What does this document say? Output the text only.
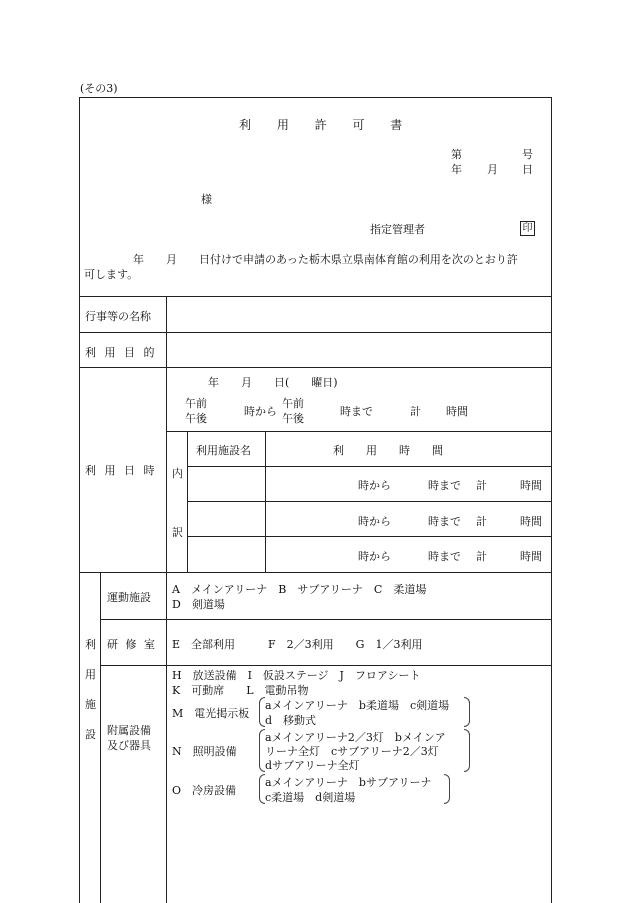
(その3)
利 用 許 可 書
第	号
年 月 日
様
指定管理者	印
年　　月　　日付けで申請のあった栃木県立県南体育館の利用を次のとおり許
可します。
行事等の名称
利 用 目 的
利 用 日 時
年　　月　　日(　　曜日)
午前
午後
時から
午前
午後
時まで	計 時間
内
訳
利用施設名	利　　用　　時　　間
時から	時まで 計	時間
時から	時まで 計	時間
時から	時まで 計	時間
利
用
施
設
運動施設
A　メインアリーナ　B　サブアリーナ　C　柔道場
D　剣道場
研 修 室 E　全部利用　　　F　2／3利用　　G　1／3利用
附属設備
及び器具
H　放送設備　I　仮設ステージ　J　フロアシート
K　可動席　　L　電動吊物
M　電光掲示板
aメインアリーナ　b柔道場　c剣道場
d　移動式
N　照明設備
aメインアリーナ2／3灯　bメインア
リーナ全灯　cサブアリーナ2／3灯
dサブアリーナ全灯
O　冷房設備
aメインアリーナ　bサブアリーナ
c柔道場　d剣道場
